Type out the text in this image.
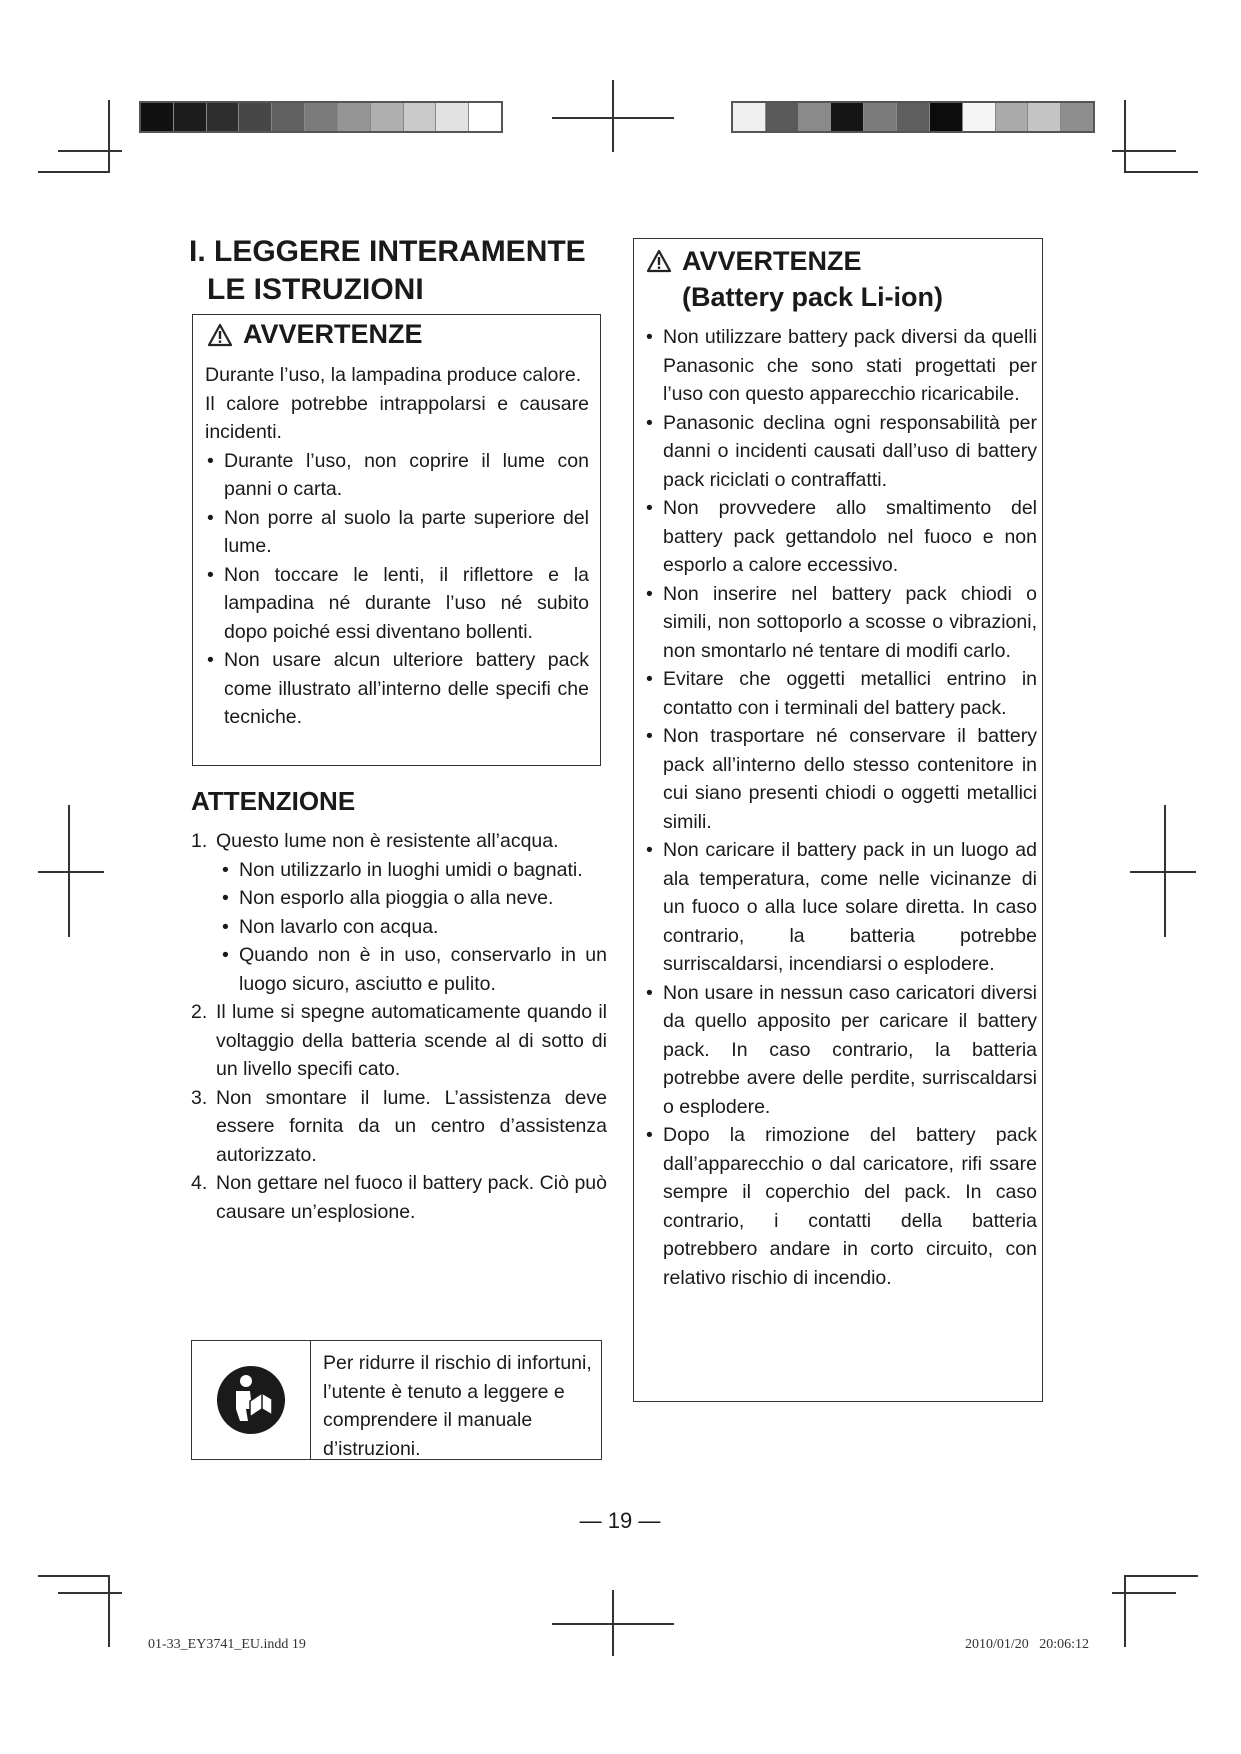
I. LEGGERE INTERAMENTE
LE ISTRUZIONI
AVVERTENZE
Durante l’uso, la lampadina produce calore.
Il calore potrebbe intrappolarsi e causare incidenti.
• Durante l’uso, non coprire il lume con panni o carta.
• Non porre al suolo la parte superiore del lume.
• Non toccare le lenti, il riflettore e la lampadina né durante l’uso né subito dopo poiché essi diventano bollenti.
• Non usare alcun ulteriore battery pack come illustrato all’interno delle specifi che tecniche.
ATTENZIONE
1. Questo lume non è resistente all’acqua.
• Non utilizzarlo in luoghi umidi o bagnati.
• Non esporlo alla pioggia o alla neve.
• Non lavarlo con acqua.
• Quando non è in uso, conservarlo in un luogo sicuro, asciutto e pulito.
2. Il lume si spegne automaticamente quando il voltaggio della batteria scende al di sotto di un livello specifi cato.
3. Non smontare il lume. L’assistenza deve essere fornita da un centro d’assistenza autorizzato.
4. Non gettare nel fuoco il battery pack. Ciò può causare un’esplosione.
Per ridurre il rischio di infortuni, l’utente è tenuto a leggere e comprendere il manuale d’istruzioni.
AVVERTENZE
(Battery pack Li-ion)
• Non utilizzare battery pack diversi da quelli Panasonic che sono stati progettati per l’uso con questo apparecchio ricaricabile.
• Panasonic declina ogni responsabilità per danni o incidenti causati dall’uso di battery pack riciclati o contraffatti.
• Non provvedere allo smaltimento del battery pack gettandolo nel fuoco e non esporlo a calore eccessivo.
• Non inserire nel battery pack chiodi o simili, non sottoporlo a scosse o vibrazioni, non smontarlo né tentare di modifi carlo.
• Evitare che oggetti metallici entrino in contatto con i terminali del battery pack.
• Non trasportare né conservare il battery pack all’interno dello stesso contenitore in cui siano presenti chiodi o oggetti metallici simili.
• Non caricare il battery pack in un luogo ad ala temperatura, come nelle vicinanze di un fuoco o alla luce solare diretta. In caso contrario, la batteria potrebbe surriscaldarsi, incendiarsi o esplodere.
• Non usare in nessun caso caricatori diversi da quello apposito per caricare il battery pack. In caso contrario, la batteria potrebbe avere delle perdite, surriscaldarsi o esplodere.
• Dopo la rimozione del battery pack dall’apparecchio o dal caricatore, rifi ssare sempre il coperchio del pack. In caso contrario, i contatti della batteria potrebbero andare in corto circuito, con relativo rischio di incendio.
— 19 —
01-33_EY3741_EU.indd 19	2010/01/20   20:06:12
